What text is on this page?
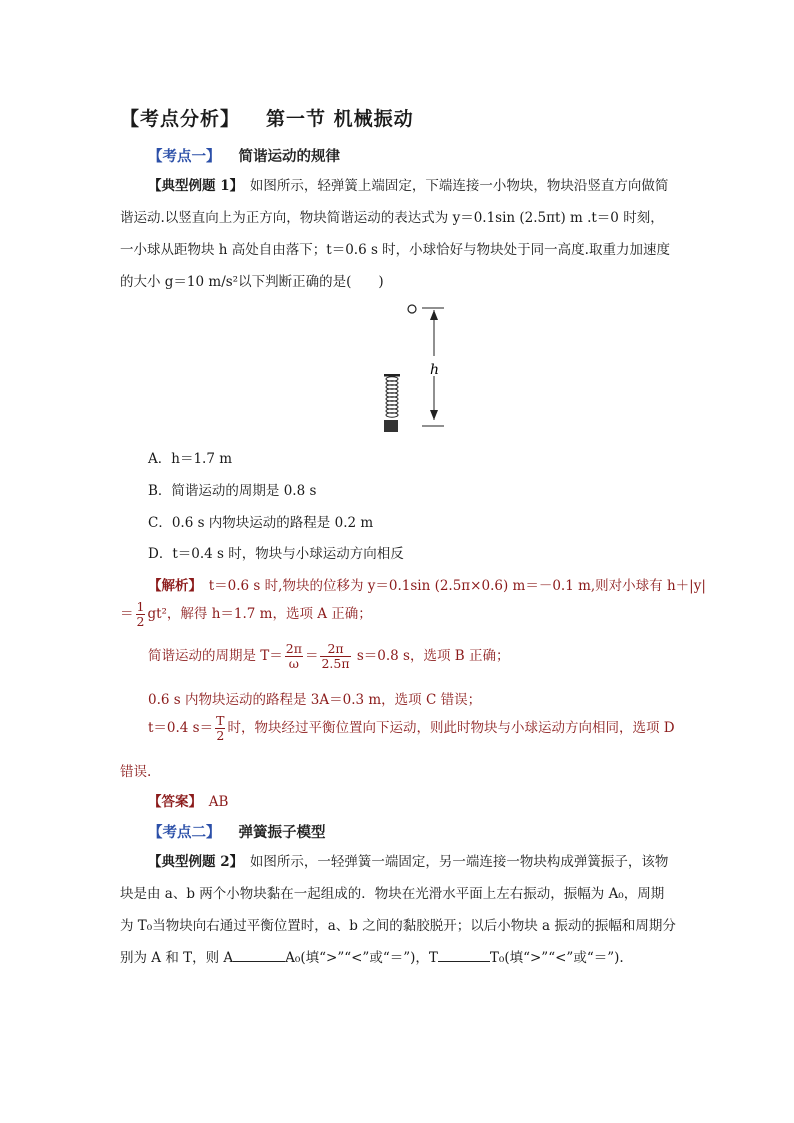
【考点分析】 第一节 机械振动
【考点一】 简谐运动的规律

【典型例题 1】　 如图所示，轻弹簧上端固定，下端连接一小物块，物块沿竖直方向做简谐运动.以竖直向上为正方向，物块简谐运动的表达式为 y＝0.1sin (2.5πt) m .t＝0 时刻，一小球从距物块 h 高处自由落下；t＝0.6 s 时，小球恰好与物块处于同一高度.取重力加速度的大小 g＝10 m/s²以下判断正确的是(　　)

h
A．h＝1.7 m
B．简谐运动的周期是 0.8 s
C．0.6 s 内物块运动的路程是 0.2 m
D．t＝0.4 s 时，物块与小球运动方向相反
【解析】　 t＝0.6 s 时,物块的位移为 y＝0.1sin (2.5π×0.6) m＝－0.1 m,则对小球有 h＋|y|
＝ $\frac{1}{2} gt^2$，解得 h＝1.7 m，选项 A 正确；
简谐运动的周期是 $T= \frac{2\pi}{\omega} = \frac{2\pi}{2.5\pi} s=0.8$ s，选项 B 正确；
0.6 s 内物块运动的路程是 3A＝0.3 m，选项 C 错误；
t＝0.4 $s= \frac{T}{2}$ 时，物块经过平衡位置向下运动，则此时物块与小球运动方向相同，选项 D
错误.
【答案】　 AB
【考点二】 弹簧振子模型

【典型例题 2】　 如图所示，一轻弹簧一端固定，另一端连接一物块构成弹簧振子，该物块是由 a、b 两个小物块黏在一起组成的．物块在光滑水平面上左右振动，振幅为 A₀，周期为 T₀当物块向右通过平衡位置时，a、b 之间的黏胶脱开；以后小物块 a 振动的振幅和周期分别为 A 和 T，则 A	A₀(填“>”“<”或“＝”)，T	T₀(填“>”“<”或“＝”).
